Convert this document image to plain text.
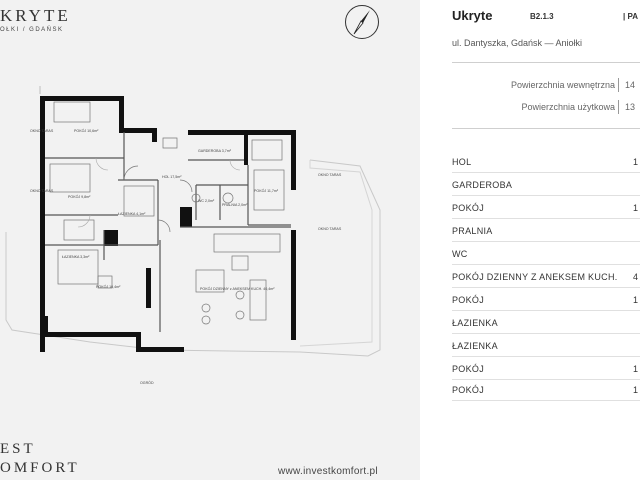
KRYTE
OŁKI / GDAŃSK
POKÓJ 10,6m²
POKÓJ 9,8m²
ŁAZIENKA 4,1m²
ŁAZIENKA 3,3m²
POKÓJ 10,4m²
GARDEROBA 3,7m²
HOL 17,5m²
WC 2,0m²
PRALNIA 2,0m²
POKÓJ 11,7m²
POKÓJ DZIENNY z ANEKSEM KUCH. 40,4m²
OGRÓD
OKNO TARAS
OKNO TARAS
OKNO TARAS
OKNO TARAS
EST
OMFORT	www.investkomfort.pl
Ukryte	B2.1.3	| PA
ul. Dantyszka, Gdańsk — Aniołki
Powierzchnia wewnętrzna 14
Powierzchnia użytkowa 13
HOL	1
GARDEROBA
POKÓJ	1
PRALNIA
WC
POKÓJ DZIENNY Z ANEKSEM KUCH. 4
POKÓJ	1
ŁAZIENKA
ŁAZIENKA
POKÓJ	1
POKÓJ	1
